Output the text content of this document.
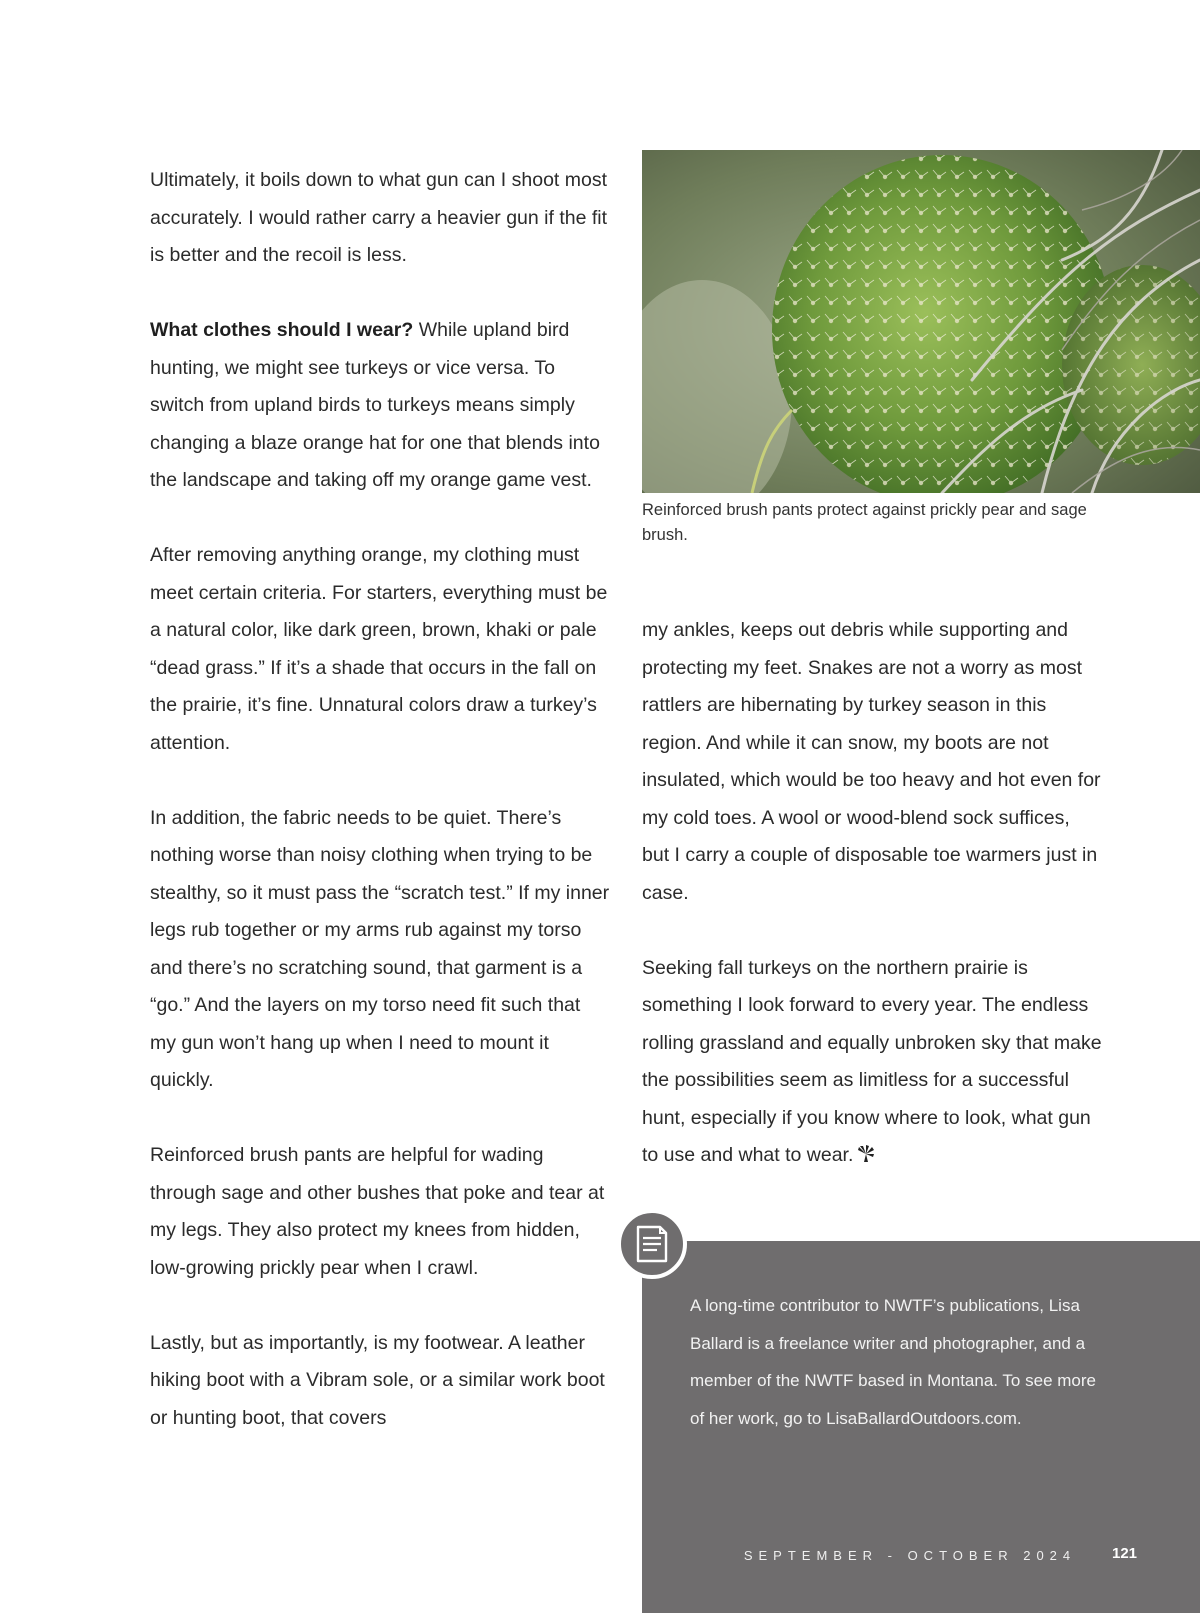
Ultimately, it boils down to what gun can I shoot most accurately. I would rather carry a heavier gun if the fit is better and the recoil is less.

What clothes should I wear? While upland bird hunting, we might see turkeys or vice versa. To switch from upland birds to turkeys means simply changing a blaze orange hat for one that blends into the landscape and taking off my orange game vest.

After removing anything orange, my clothing must meet certain criteria. For starters, everything must be a natural color, like dark green, brown, khaki or pale “dead grass.” If it’s a shade that occurs in the fall on the prairie, it’s fine. Unnatural colors draw a turkey’s attention.

In addition, the fabric needs to be quiet. There’s nothing worse than noisy clothing when trying to be stealthy, so it must pass the “scratch test.” If my inner legs rub together or my arms rub against my torso and there’s no scratching sound, that garment is a “go.” And the layers on my torso need fit such that my gun won’t hang up when I need to mount it quickly.

Reinforced brush pants are helpful for wading through sage and other bushes that poke and tear at my legs. They also protect my knees from hidden, low-growing prickly pear when I crawl.

Lastly, but as importantly, is my footwear. A leather hiking boot with a Vibram sole, or a similar work boot or hunting boot, that covers

Reinforced brush pants protect against prickly pear and sage brush.

my ankles, keeps out debris while supporting and protecting my feet. Snakes are not a worry as most rattlers are hibernating by turkey season in this region. And while it can snow, my boots are not insulated, which would be too heavy and hot even for my cold toes. A wool or wood-blend sock suffices, but I carry a couple of disposable toe warmers just in case.

Seeking fall turkeys on the northern prairie is something I look forward to every year. The endless rolling grassland and equally unbroken sky that make the possibilities seem as limitless for a successful hunt, especially if you know where to look, what gun to use and what to wear.

A long-time contributor to NWTF’s publications, Lisa Ballard is a freelance writer and photographer, and a member of the NWTF based in Montana. To see more of her work, go to LisaBallardOutdoors.com.
SEPTEMBER - OCTOBER 2024 121
